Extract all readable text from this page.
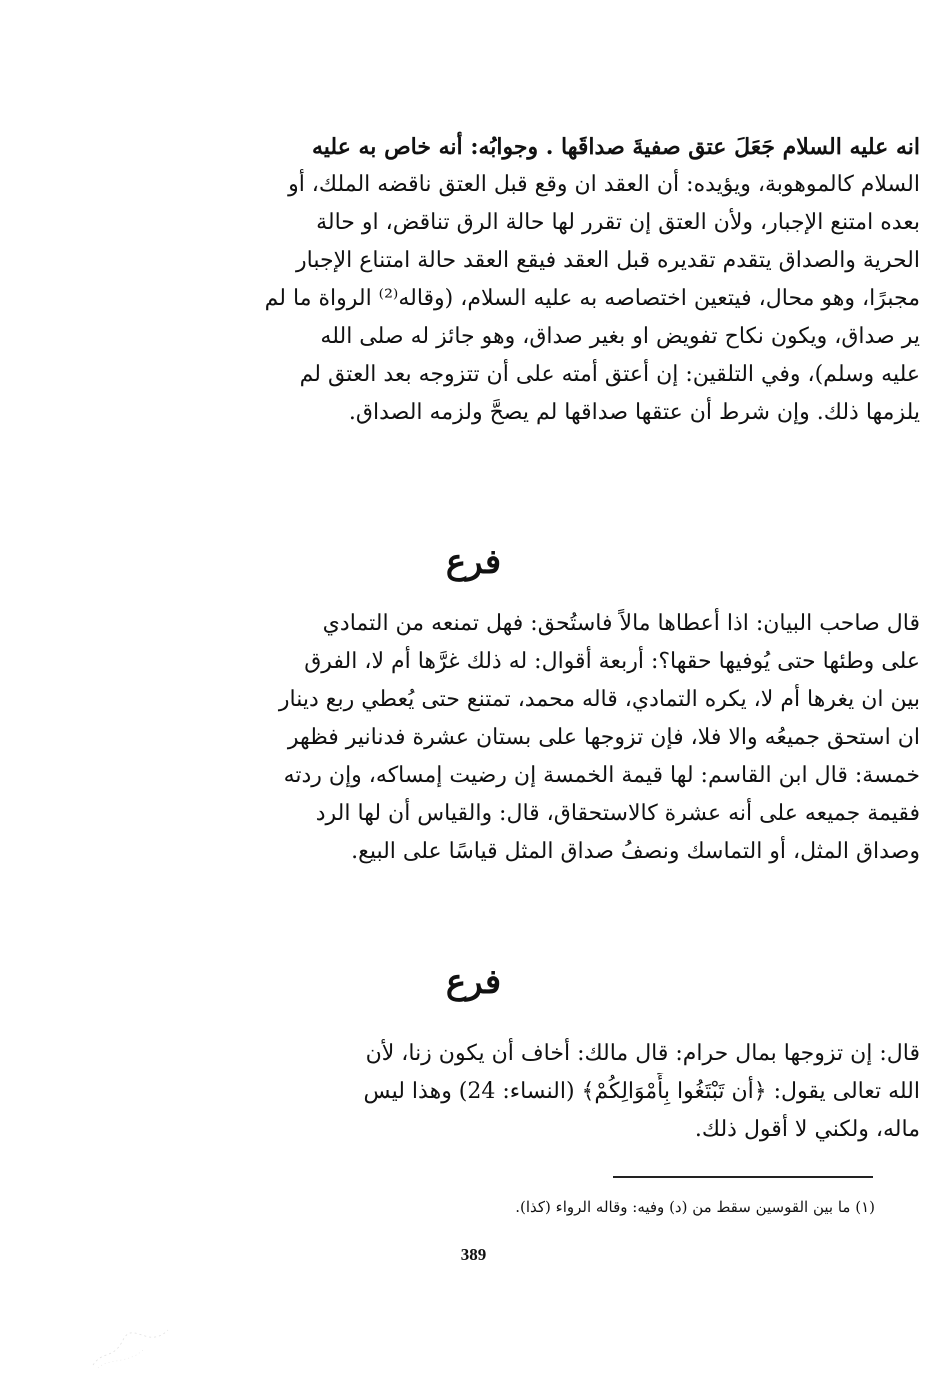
انه عليه السلام جَعَلَ عتق صفيةَ صداقَها . وجوابُه: أنه خاص به عليه
السلام كالموهوبة، ويؤيده: أن العقد ان وقع قبل العتق ناقضه الملك، أو
بعده امتنع الإجبار، ولأن العتق إن تقرر لها حالة الرق تناقض، او حالة
الحرية والصداق يتقدم تقديره قبل العقد فيقع العقد حالة امتناع الإجبار
مجبرًا، وهو محال، فيتعين اختصاصه به عليه السلام، (وقاله⁽²⁾ الرواة ما لم
ير صداق، ويكون نكاح تفويض او بغير صداق، وهو جائز له صلى الله
عليه وسلم)، وفي التلقين: إن أعتق أمته على أن تتزوجه بعد العتق لم
يلزمها ذلك. وإن شرط أن عتقها صداقها لم يصحَّ ولزمه الصداق.
فرع
قال صاحب البيان: اذا أعطاها مالاً فاستُحق: فهل تمنعه من التمادي
على وطئها حتى يُوفيها حقها؟: أربعة أقوال: له ذلك غرَّها أم لا، الفرق
بين ان يغرها أم لا، يكره التمادي، قاله محمد، تمتنع حتى يُعطي ربع دينار
ان استحق جميعُه والا فلا، فإن تزوجها على بستان عشرة فدنانير فظهر
خمسة: قال ابن القاسم: لها قيمة الخمسة إن رضيت إمساكه، وإن ردته
فقيمة جميعه على أنه عشرة كالاستحقاق، قال: والقياس أن لها الرد
وصداق المثل، أو التماسك ونصفُ صداق المثل قياسًا على البيع.
فرع
قال: إن تزوجها بمال حرام: قال مالك: أخاف أن يكون زنا، لأن
الله تعالى يقول: ﴿أن تَبْتَغُوا بِأَمْوَالِكُمْ﴾ (النساء: 24) وهذا ليس
ماله، ولكني لا أقول ذلك.
(١) ما بين القوسين سقط من (د) وفيه: وقاله الرواء (كذا).
389
